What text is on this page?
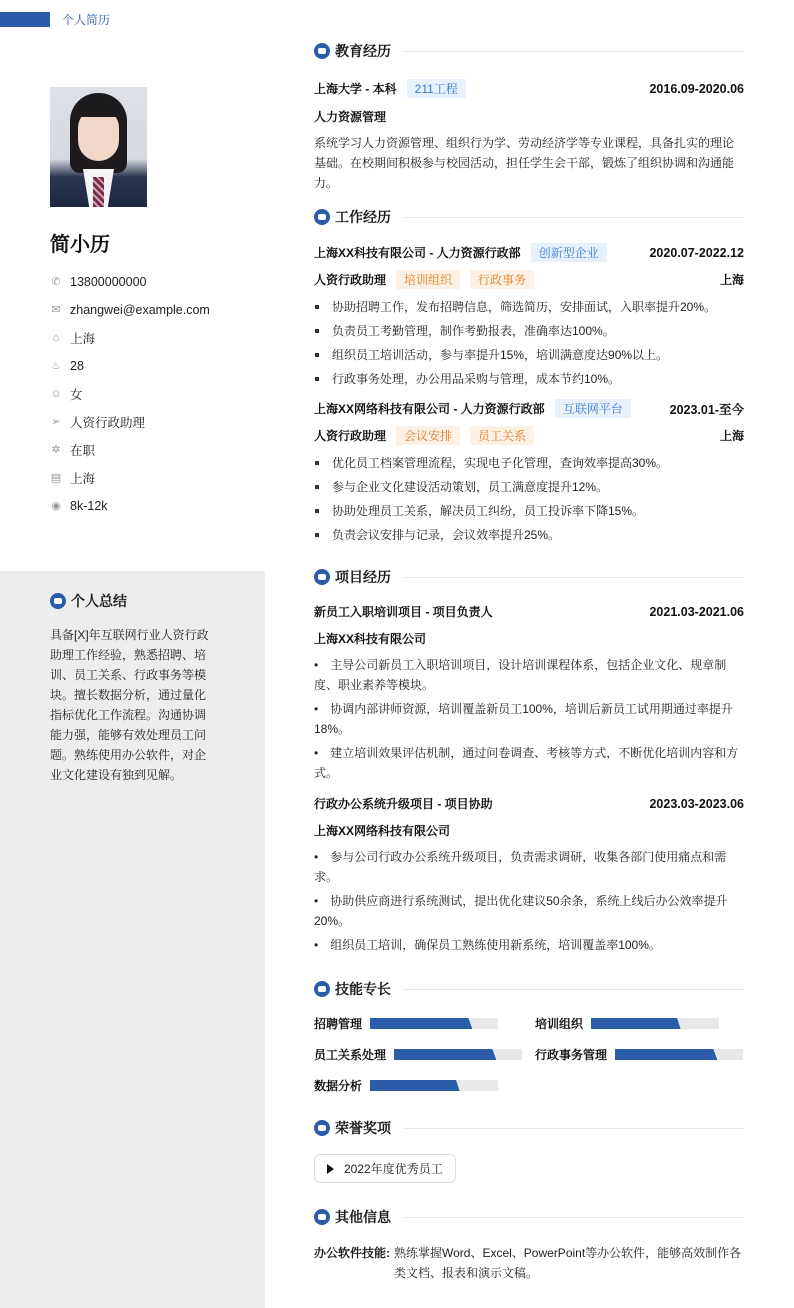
个人简历
简小历
✆ 13800000000
✉ zhangwei@example.com
⌂ 上海
♨ 28
☺ 女
➢ 人资行政助理
✲ 在职
▤ 上海
◉ 8k-12k
个人总结
具备[X]年互联网行业人资行政助理工作经验，熟悉招聘、培训、员工关系、行政事务等模块。擅长数据分析，通过量化指标优化工作流程。沟通协调能力强，能够有效处理员工问题。熟练使用办公软件，对企业文化建设有独到见解。
教育经历
上海大学 - 本科 211工程	2016.09-2020.06
人力资源管理
系统学习人力资源管理、组织行为学、劳动经济学等专业课程，具备扎实的理论基础。在校期间积极参与校园活动，担任学生会干部，锻炼了组织协调和沟通能力。
工作经历
上海XX科技有限公司 - 人力资源行政部 创新型企业	2020.07-2022.12
人资行政助理 培训组织 行政事务	上海
协助招聘工作，发布招聘信息，筛选简历，安排面试，入职率提升20%。
负责员工考勤管理，制作考勤报表，准确率达100%。
组织员工培训活动，参与率提升15%，培训满意度达90%以上。
行政事务处理，办公用品采购与管理，成本节约10%。
上海XX网络科技有限公司 - 人力资源行政部 互联网平台	2023.01-至今
人资行政助理 会议安排 员工关系	上海
优化员工档案管理流程，实现电子化管理，查询效率提高30%。
参与企业文化建设活动策划，员工满意度提升12%。
协助处理员工关系，解决员工纠纷，员工投诉率下降15%。
负责会议安排与记录，会议效率提升25%。
项目经历
新员工入职培训项目 - 项目负责人	2021.03-2021.06
上海XX科技有限公司
•　主导公司新员工入职培训项目，设计培训课程体系，包括企业文化、规章制度、职业素养等模块。
•　协调内部讲师资源，培训覆盖新员工100%，培训后新员工试用期通过率提升18%。
•　建立培训效果评估机制，通过问卷调查、考核等方式，不断优化培训内容和方式。
行政办公系统升级项目 - 项目协助	2023.03-2023.06
上海XX网络科技有限公司
•　参与公司行政办公系统升级项目，负责需求调研，收集各部门使用痛点和需求。
•　协助供应商进行系统测试，提出优化建议50余条，系统上线后办公效率提升20%。
•　组织员工培训，确保员工熟练使用新系统，培训覆盖率100%。
技能专长
招聘管理	培训组织
员工关系处理	行政事务管理
数据分析
荣誉奖项
2022年度优秀员工
其他信息
办公软件技能: 熟练掌握Word、Excel、PowerPoint等办公软件，能够高效制作各类文档、报表和演示文稿。
